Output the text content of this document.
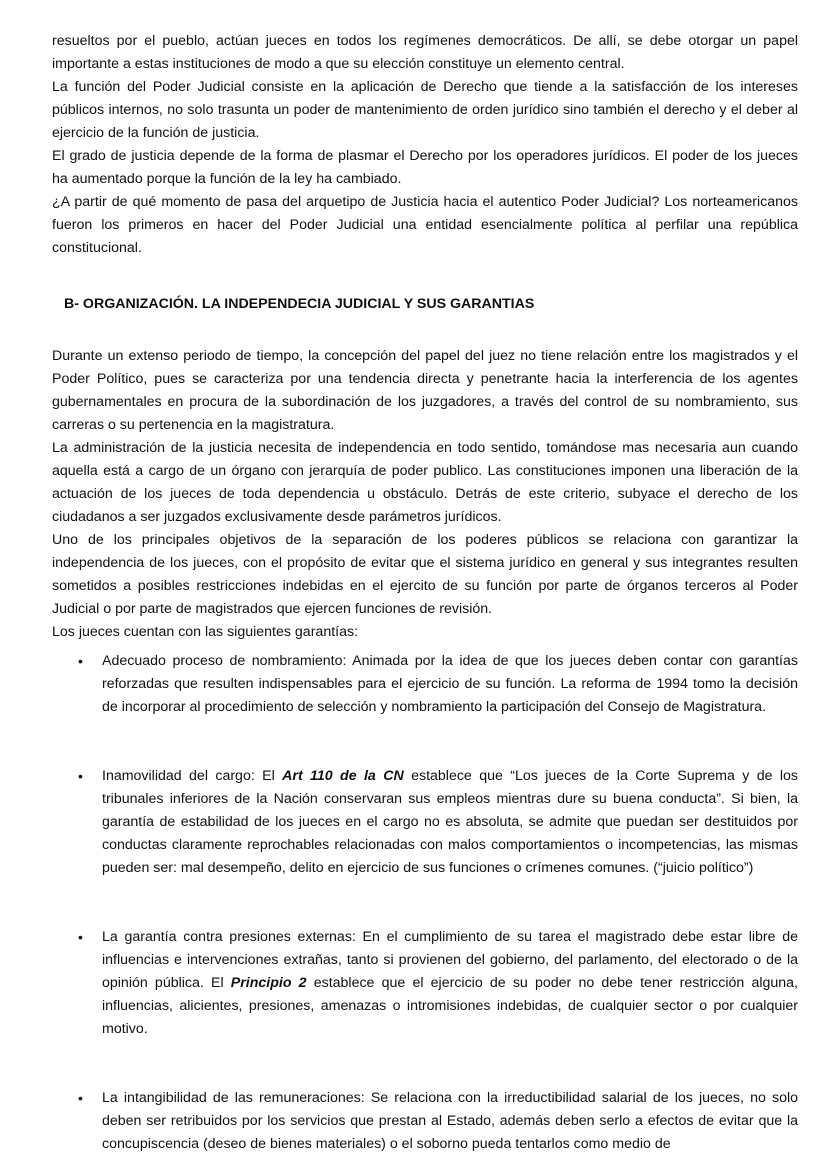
resueltos por el pueblo, actúan jueces en todos los regímenes democráticos. De allí, se debe otorgar un papel importante a estas instituciones de modo a que su elección constituye un elemento central.

La función del Poder Judicial consiste en la aplicación de Derecho que tiende a la satisfacción de los intereses públicos internos, no solo trasunta un poder de mantenimiento de orden jurídico sino también el derecho y el deber al ejercicio de la función de justicia.

El grado de justicia depende de la forma de plasmar el Derecho por los operadores jurídicos. El poder de los jueces ha aumentado porque la función de la ley ha cambiado.

¿A partir de qué momento de pasa del arquetipo de Justicia hacia el autentico Poder Judicial? Los norteamericanos fueron los primeros en hacer del Poder Judicial una entidad esencialmente política al perfilar una república constitucional.

B- ORGANIZACIÓN. LA INDEPENDECIA JUDICIAL Y SUS GARANTIAS

Durante un extenso periodo de tiempo, la concepción del papel del juez no tiene relación entre los magistrados y el Poder Político, pues se caracteriza por una tendencia directa y penetrante hacia la interferencia de los agentes gubernamentales en procura de la subordinación de los juzgadores, a través del control de su nombramiento, sus carreras o su pertenencia en la magistratura.

La administración de la justicia necesita de independencia en todo sentido, tomándose mas necesaria aun cuando aquella está a cargo de un órgano con jerarquía de poder publico. Las constituciones imponen una liberación de la actuación de los jueces de toda dependencia u obstáculo. Detrás de este criterio, subyace el derecho de los ciudadanos a ser juzgados exclusivamente desde parámetros jurídicos.

Uno de los principales objetivos de la separación de los poderes públicos se relaciona con garantizar la independencia de los jueces, con el propósito de evitar que el sistema jurídico en general y sus integrantes resulten sometidos a posibles restricciones indebidas en el ejercito de su función por parte de órganos terceros al Poder Judicial o por parte de magistrados que ejercen funciones de revisión.

Los jueces cuentan con las siguientes garantías:

• Adecuado proceso de nombramiento: Animada por la idea de que los jueces deben contar con garantías reforzadas que resulten indispensables para el ejercicio de su función. La reforma de 1994 tomo la decisión de incorporar al procedimiento de selección y nombramiento la participación del Consejo de Magistratura.
• Inamovilidad del cargo: El Art 110 de la CN establece que “Los jueces de la Corte Suprema y de los tribunales inferiores de la Nación conservaran sus empleos mientras dure su buena conducta”. Si bien, la garantía de estabilidad de los jueces en el cargo no es absoluta, se admite que puedan ser destituidos por conductas claramente reprochables relacionadas con malos comportamientos o incompetencias, las mismas pueden ser: mal desempeño, delito en ejercicio de sus funciones o crímenes comunes. (“juicio político”)
• La garantía contra presiones externas: En el cumplimiento de su tarea el magistrado debe estar libre de influencias e intervenciones extrañas, tanto si provienen del gobierno, del parlamento, del electorado o de la opinión pública. El Principio 2 establece que el ejercicio de su poder no debe tener restricción alguna, influencias, alicientes, presiones, amenazas o intromisiones indebidas, de cualquier sector o por cualquier motivo.
• La intangibilidad de las remuneraciones: Se relaciona con la irreductibilidad salarial de los jueces, no solo deben ser retribuidos por los servicios que prestan al Estado, además deben serlo a efectos de evitar que la concupiscencia (deseo de bienes materiales) o el soborno pueda tentarlos como medio de
